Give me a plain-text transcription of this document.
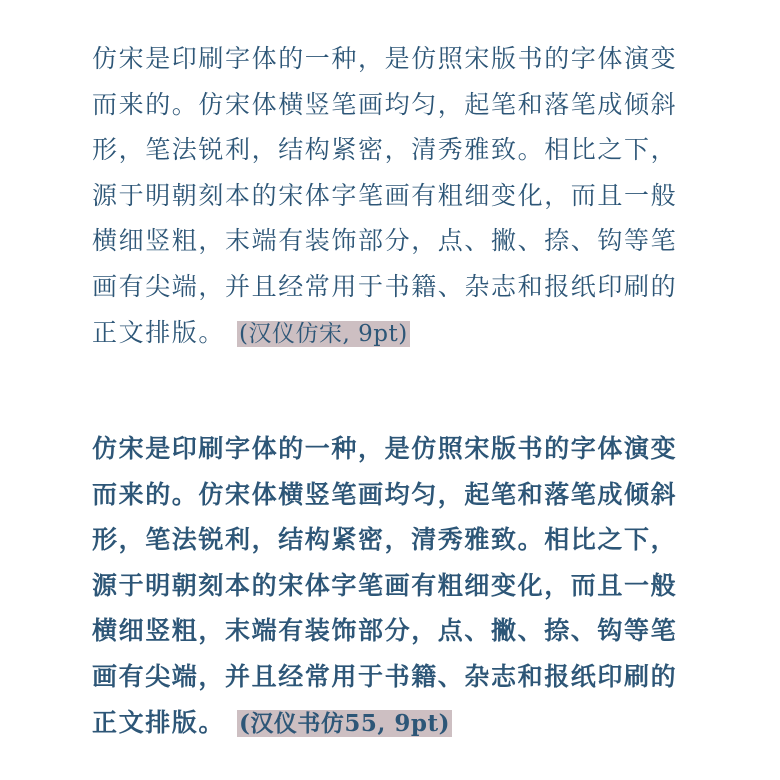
仿宋是印刷字体的一种，是仿照宋版书的字体演变而来的。仿宋体横竖笔画均匀，起笔和落笔成倾斜形，笔法锐利，结构紧密，清秀雅致。相比之下，源于明朝刻本的宋体字笔画有粗细变化，而且一般横细竖粗，末端有装饰部分，点、撇、捺、钩等笔画有尖端，并且经常用于书籍、杂志和报纸印刷的正文排版。 (汉仪仿宋, 9pt)

仿宋是印刷字体的一种，是仿照宋版书的字体演变而来的。仿宋体横竖笔画均匀，起笔和落笔成倾斜形，笔法锐利，结构紧密，清秀雅致。相比之下，源于明朝刻本的宋体字笔画有粗细变化，而且一般横细竖粗，末端有装饰部分，点、撇、捺、钩等笔画有尖端，并且经常用于书籍、杂志和报纸印刷的正文排版。 (汉仪书仿55, 9pt)
